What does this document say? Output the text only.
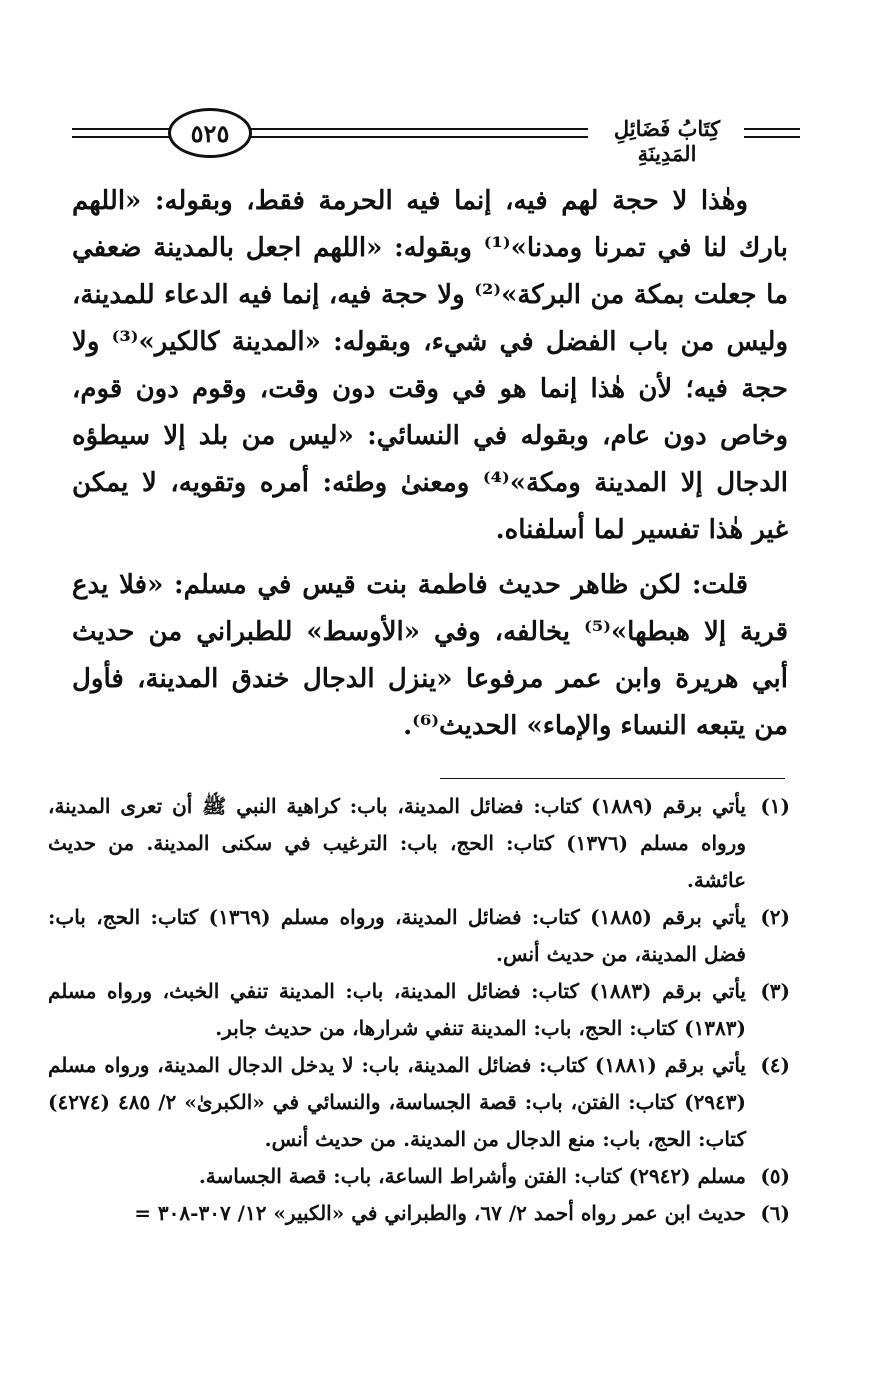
٥٢٥	كِتَابُ فَضَائِلِ المَدِينَةِ

وهٰذا لا حجة لهم فيه، إنما فيه الحرمة فقط، وبقوله: «اللهم بارك لنا في تمرنا ومدنا»⁽¹⁾ وبقوله: «اللهم اجعل بالمدينة ضعفي ما جعلت بمكة من البركة»⁽²⁾ ولا حجة فيه، إنما فيه الدعاء للمدينة، وليس من باب الفضل في شيء، وبقوله: «المدينة كالكير»⁽³⁾ ولا حجة فيه؛ لأن هٰذا إنما هو في وقت دون وقت، وقوم دون قوم، وخاص دون عام، وبقوله في النسائي: «ليس من بلد إلا سيطؤه الدجال إلا المدينة ومكة»⁽⁴⁾ ومعنىٰ وطئه: أمره وتقويه، لا يمكن غير هٰذا تفسير لما أسلفناه.

قلت: لكن ظاهر حديث فاطمة بنت قيس في مسلم: «فلا يدع قرية إلا هبطها»⁽⁵⁾ يخالفه، وفي «الأوسط» للطبراني من حديث أبي هريرة وابن عمر مرفوعا «ينزل الدجال خندق المدينة، فأول من يتبعه النساء والإماء» الحديث⁽⁶⁾.

(١)
يأتي برقم (١٨٨٩) كتاب: فضائل المدينة، باب: كراهية النبي ﷺ أن تعرى المدينة، ورواه مسلم (١٣٧٦) كتاب: الحج، باب: الترغيب في سكنى المدينة. من حديث عائشة.
(٢)
يأتي برقم (١٨٨٥) كتاب: فضائل المدينة، ورواه مسلم (١٣٦٩) كتاب: الحج، باب: فضل المدينة، من حديث أنس.
(٣)
يأتي برقم (١٨٨٣) كتاب: فضائل المدينة، باب: المدينة تنفي الخبث، ورواه مسلم (١٣٨٣) كتاب: الحج، باب: المدينة تنفي شرارها، من حديث جابر.
(٤)
يأتي برقم (١٨٨١) كتاب: فضائل المدينة، باب: لا يدخل الدجال المدينة، ورواه مسلم (٢٩٤٣) كتاب: الفتن، باب: قصة الجساسة، والنسائي في «الكبرىٰ» ٢/ ٤٨٥ (٤٢٧٤) كتاب: الحج، باب: منع الدجال من المدينة. من حديث أنس.
(٥)
مسلم (٢٩٤٢) كتاب: الفتن وأشراط الساعة، باب: قصة الجساسة.
(٦)
حديث ابن عمر رواه أحمد ٢/ ٦٧، والطبراني في «الكبير» ١٢/ ٣٠٧-٣٠٨ =
